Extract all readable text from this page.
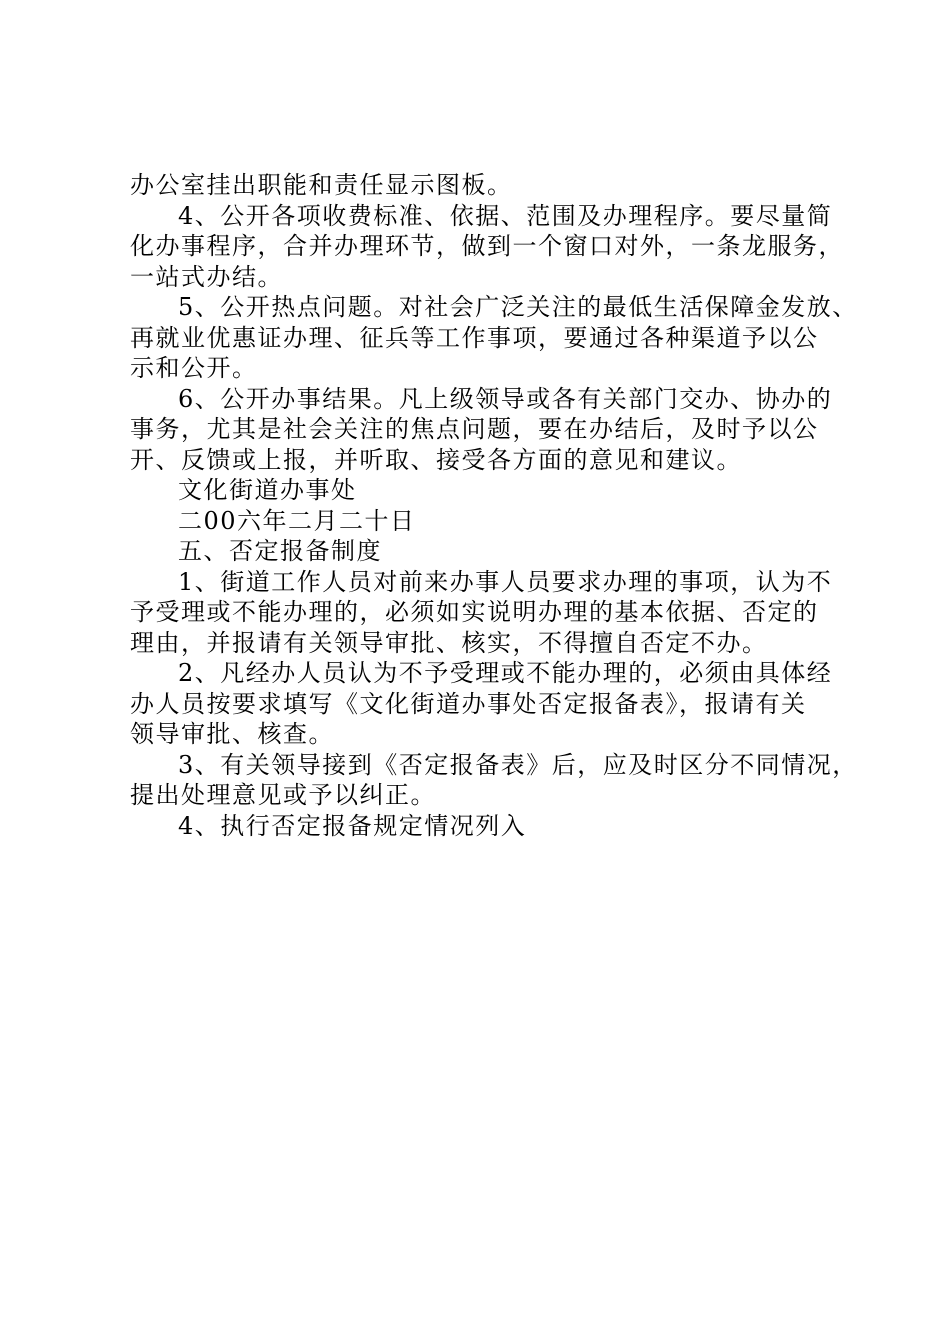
办公室挂出职能和责任显示图板。
4、公开各项收费标准、依据、范围及办理程序。要尽量简
化办事程序，合并办理环节，做到一个窗口对外，一条龙服务，
一站式办结。
5、公开热点问题。对社会广泛关注的最低生活保障金发放、
再就业优惠证办理、征兵等工作事项，要通过各种渠道予以公
示和公开。
6、公开办事结果。凡上级领导或各有关部门交办、协办的
事务，尤其是社会关注的焦点问题，要在办结后，及时予以公
开、反馈或上报，并听取、接受各方面的意见和建议。
文化街道办事处
二00六年二月二十日
五、否定报备制度
1、街道工作人员对前来办事人员要求办理的事项，认为不
予受理或不能办理的，必须如实说明办理的基本依据、否定的
理由，并报请有关领导审批、核实，不得擅自否定不办。
2、凡经办人员认为不予受理或不能办理的，必须由具体经
办人员按要求填写《文化街道办事处否定报备表》，报请有关
领导审批、核查。
3、有关领导接到《否定报备表》后，应及时区分不同情况，
提出处理意见或予以纠正。
4、执行否定报备规定情况列入
